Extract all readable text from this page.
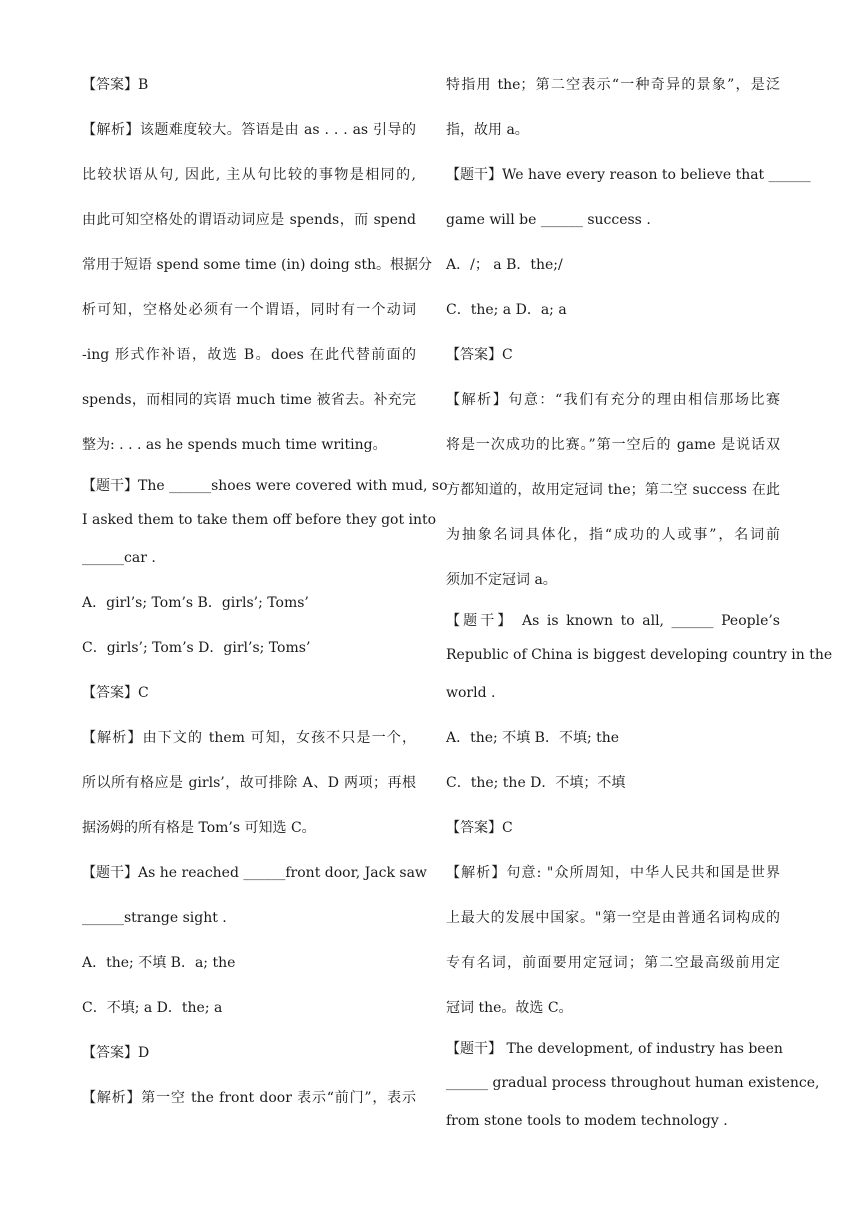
【答案】B
【解析】该题难度较大。答语是由 as . . . as 引导的
比较状语从句, 因此, 主从句比较的事物是相同的,
由此可知空格处的谓语动词应是 spends，而 spend
常用于短语 spend some time (in) doing sth。根据分
析可知，空格处必须有一个谓语，同时有一个动词
-ing 形式作补语，故选 B。does 在此代替前面的
spends，而相同的宾语 much time 被省去。补充完
整为: . . . as he spends much time writing。
【题干】The ______shoes were covered with mud, so
I asked them to take them off before they got into
______car .
A．girl’s; Tom’s B．girls’; Toms’
C．girls’; Tom’s D．girl’s; Toms’
【答案】C
【解析】由下文的 them 可知，女孩不只是一个，
所以所有格应是 girls’，故可排除 A、D 两项；再根
据汤姆的所有格是 Tom’s 可知选 C。
【题干】As he reached ______front door, Jack saw
______strange sight .
A．the; 不填 B．a; the
C．不填; a D．the; a
【答案】D
【解析】第一空 the front door 表示“前门”，表示
特指用 the；第二空表示“一种奇异的景象”，是泛
指，故用 a。
【题干】We have every reason to believe that ______
game will be ______ success .
A．/； a B．the;/
C．the; a D．a; a
【答案】C
【解析】句意：“我们有充分的理由相信那场比赛
将是一次成功的比赛。”第一空后的 game 是说话双
方都知道的，故用定冠词 the；第二空 success 在此
为抽象名词具体化，指“成功的人或事”，名词前
须加不定冠词 a。
【题干】 As is known to all, ______ People’s
Republic of China is biggest developing country in the
world .
A．the; 不填 B．不填; the
C．the; the D．不填；不填
【答案】C
【解析】句意: "众所周知，中华人民共和国是世界
上最大的发展中国家。"第一空是由普通名词构成的
专有名词，前面要用定冠词；第二空最高级前用定
冠词 the。故选 C。
【题干】 The development, of industry has been
______ gradual process throughout human existence,
from stone tools to modem technology .
